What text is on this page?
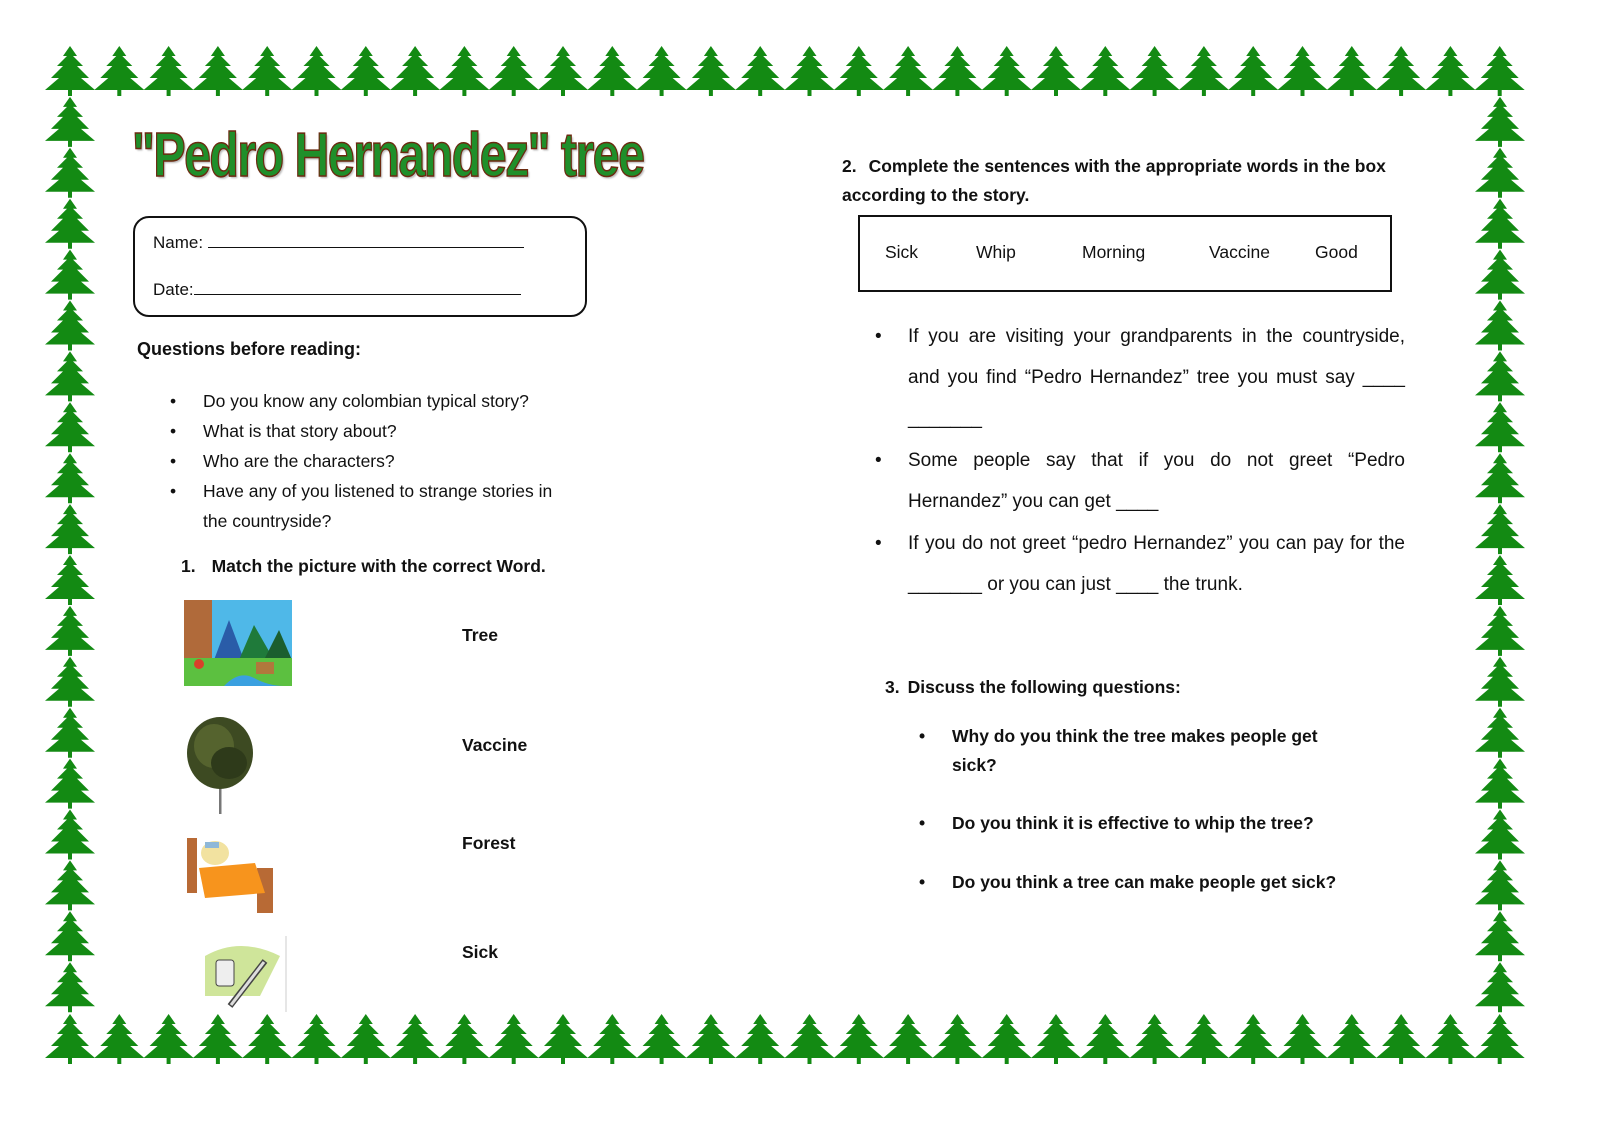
"Pedro Hernandez" tree
Name:
Date:
Questions before reading:
• Do you know any colombian typical story?
• What is that story about?
• Who are the characters?
• Have any of you listened to strange stories in the countryside?
1. Match the picture with the correct Word.
Tree
Vaccine
Forest
Sick
2. Complete the sentences with the appropriate words in the box according to the story.
Sick	Whip	Morning	Vaccine	Good
• If you are visiting your grandparents in the countryside, and you find “Pedro Hernandez” tree you must say ____ _______
• Some people say that if you do not greet “Pedro Hernandez” you can get ____
• If you do not greet “pedro Hernandez” you can pay for the _______ or you can just ____ the trunk.
3. Discuss the following questions:
• Why do you think the tree makes people get sick?
• Do you think it is effective to whip the tree?
• Do you think a tree can make people get sick?
